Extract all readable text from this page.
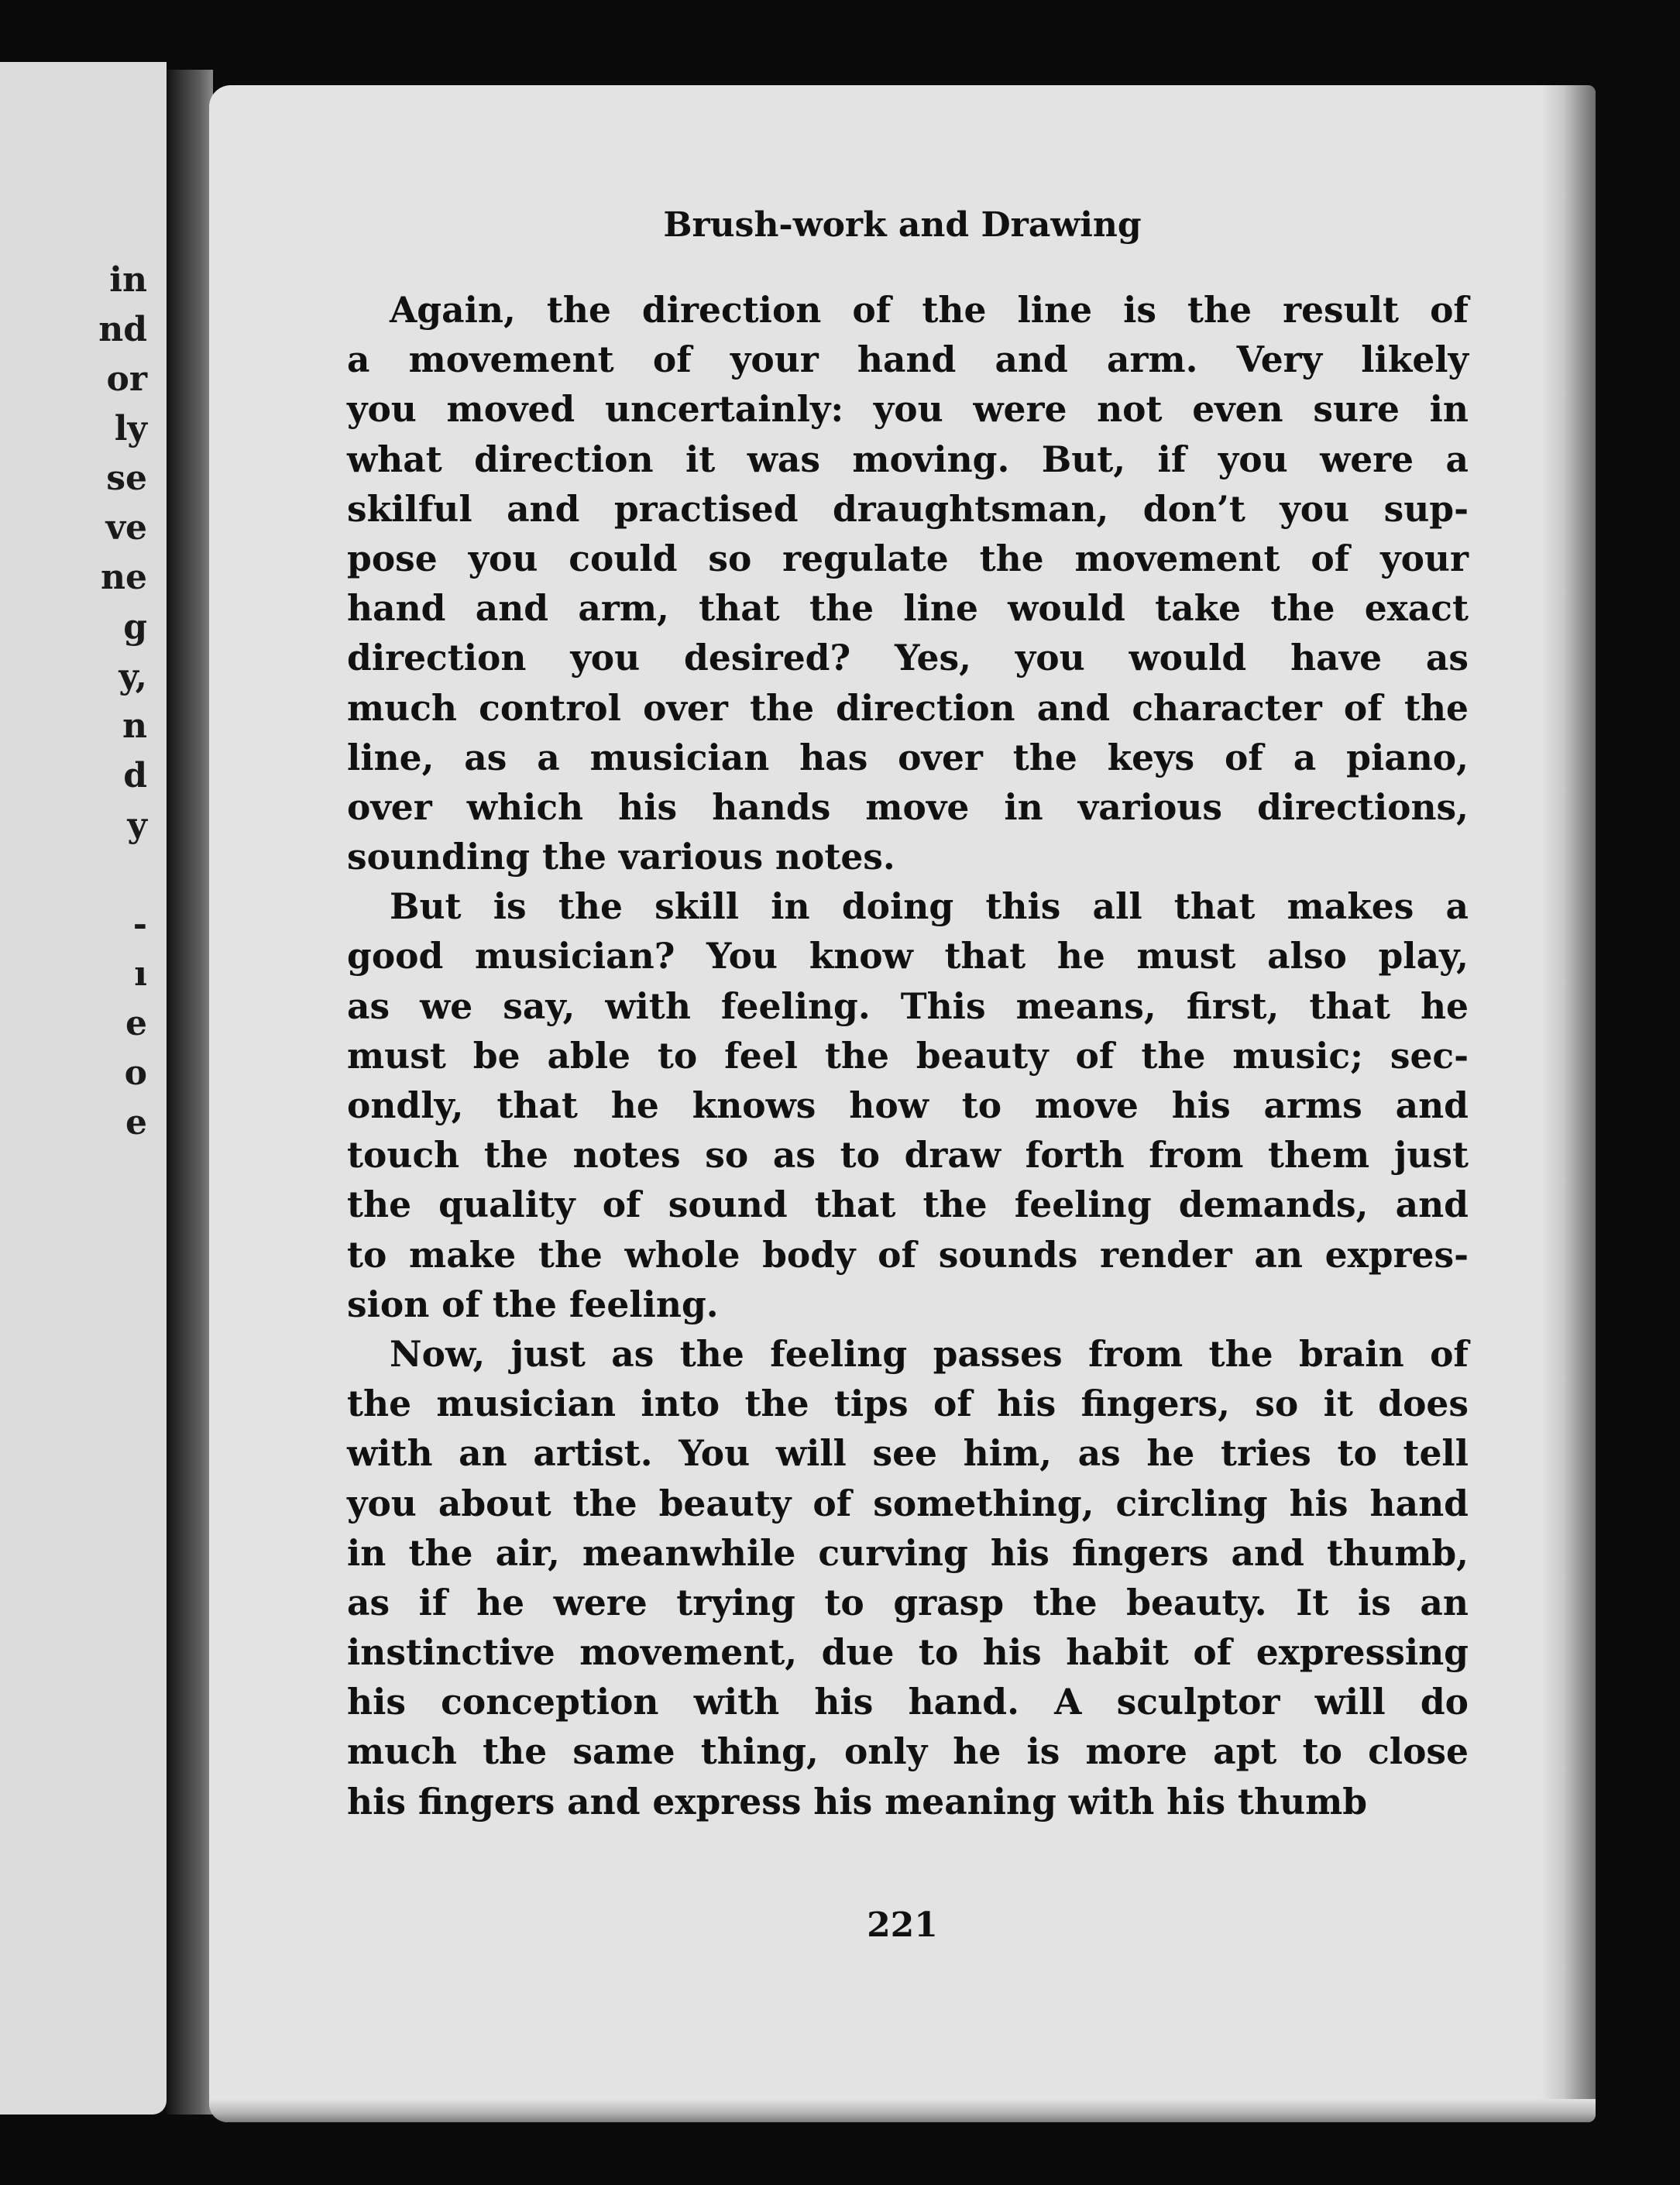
in
nd
or
ly
se
ve
ne
g
y,
n
d
y
-
ı
e
o
e
Brush-work and Drawing
Again, the direction of the line is the result of
a movement of your hand and arm. Very likely
you moved uncertainly: you were not even sure in
what direction it was moving. But, if you were a
skilful and practised draughtsman, don’t you sup-
pose you could so regulate the movement of your
hand and arm, that the line would take the exact
direction you desired? Yes, you would have as
much control over the direction and character of the
line, as a musician has over the keys of a piano,
over which his hands move in various directions,
sounding the various notes.
But is the skill in doing this all that makes a
good musician? You know that he must also play,
as we say, with feeling. This means, first, that he
must be able to feel the beauty of the music; sec-
ondly, that he knows how to move his arms and
touch the notes so as to draw forth from them just
the quality of sound that the feeling demands, and
to make the whole body of sounds render an expres-
sion of the feeling.
Now, just as the feeling passes from the brain of
the musician into the tips of his fingers, so it does
with an artist. You will see him, as he tries to tell
you about the beauty of something, circling his hand
in the air, meanwhile curving his fingers and thumb,
as if he were trying to grasp the beauty. It is an
instinctive movement, due to his habit of expressing
his conception with his hand. A sculptor will do
much the same thing, only he is more apt to close
his fingers and express his meaning with his thumb
221
